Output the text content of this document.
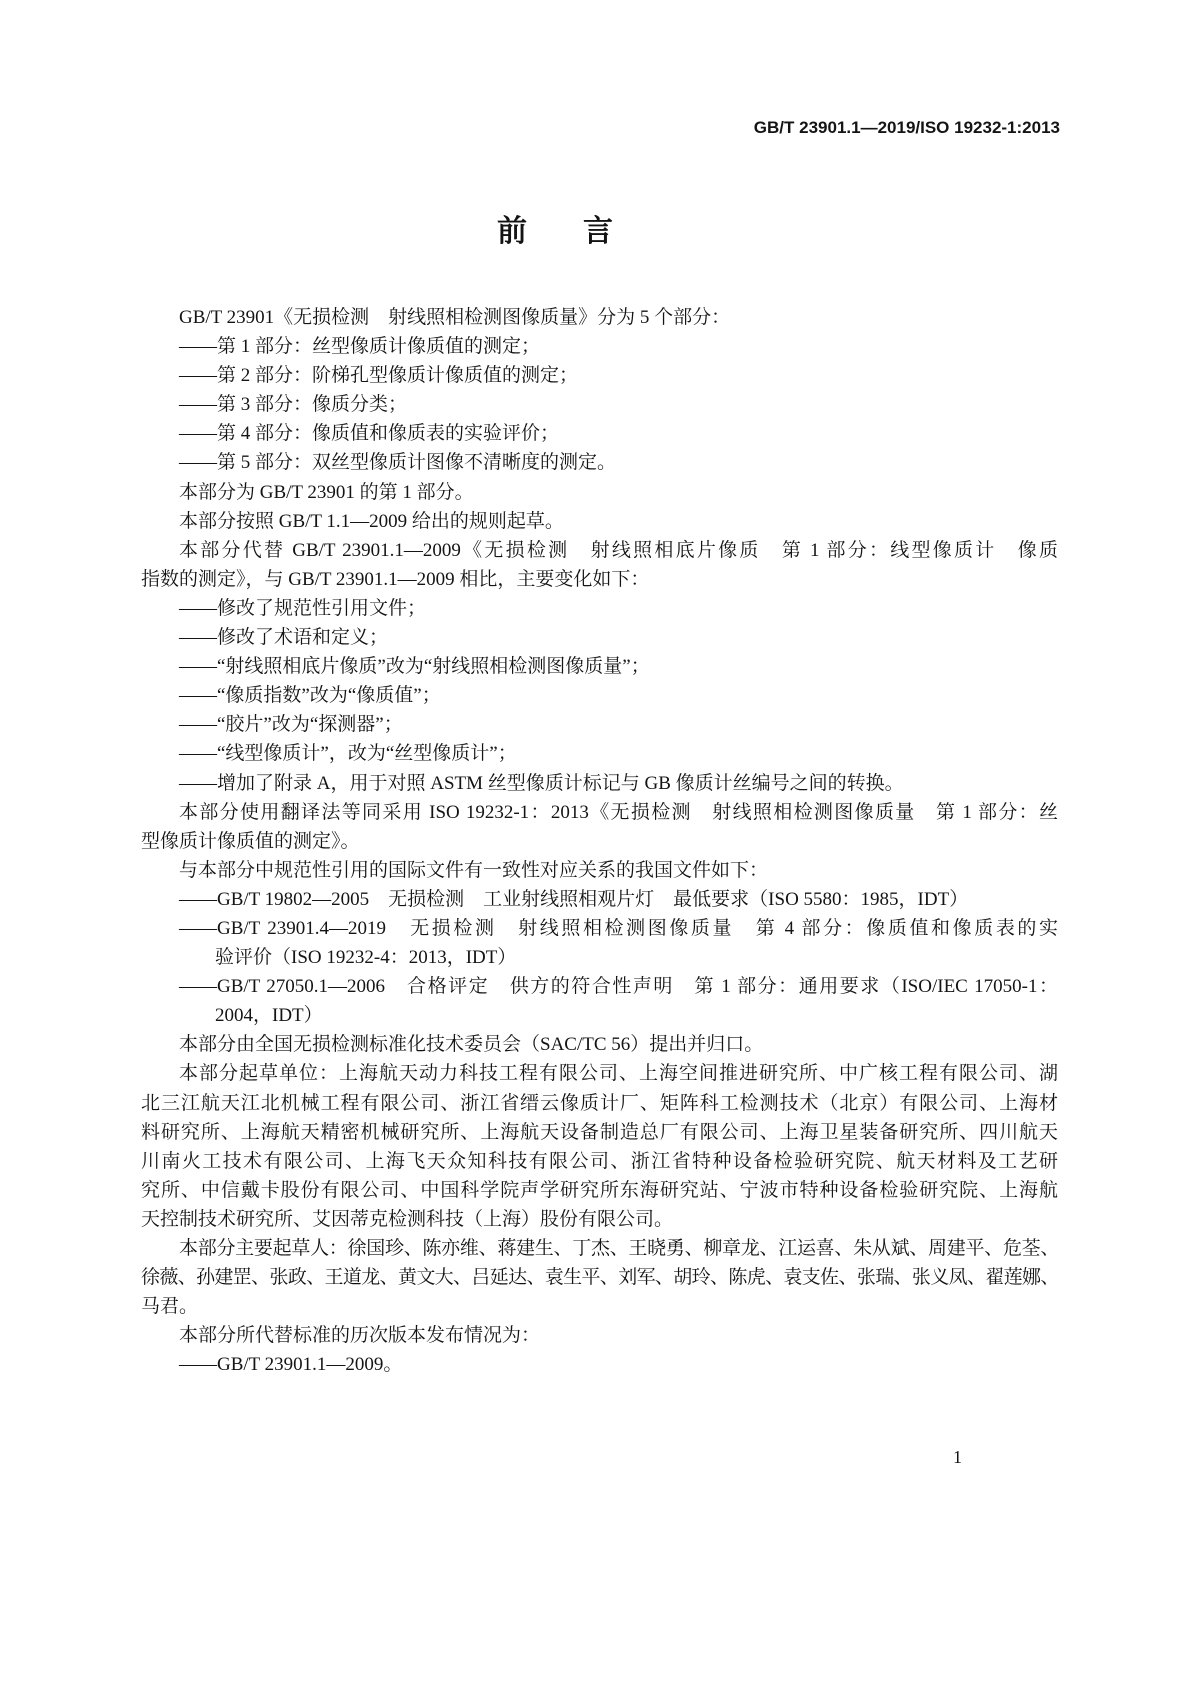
GB/T 23901.1—2019/ISO 19232-1:2013
前　言
GB/T 23901《无损检测　射线照相检测图像质量》分为 5 个部分：
——第 1 部分：丝型像质计像质值的测定；
——第 2 部分：阶梯孔型像质计像质值的测定；
——第 3 部分：像质分类；
——第 4 部分：像质值和像质表的实验评价；
——第 5 部分：双丝型像质计图像不清晰度的测定。
本部分为 GB/T 23901 的第 1 部分。
本部分按照 GB/T 1.1—2009 给出的规则起草。
本部分代替 GB/T 23901.1—2009《无损检测　射线照相底片像质　第 1 部分：线型像质计　像质
指数的测定》，与 GB/T 23901.1—2009 相比，主要变化如下：
——修改了规范性引用文件；
——修改了术语和定义；
——“射线照相底片像质”改为“射线照相检测图像质量”；
——“像质指数”改为“像质值”；
——“胶片”改为“探测器”；
——“线型像质计”，改为“丝型像质计”；
——增加了附录 A，用于对照 ASTM 丝型像质计标记与 GB 像质计丝编号之间的转换。
本部分使用翻译法等同采用 ISO 19232-1：2013《无损检测　射线照相检测图像质量　第 1 部分：丝
型像质计像质值的测定》。
与本部分中规范性引用的国际文件有一致性对应关系的我国文件如下：
——GB/T 19802—2005　无损检测　工业射线照相观片灯　最低要求（ISO 5580：1985，IDT）
——GB/T 23901.4—2019　无损检测　射线照相检测图像质量　第 4 部分：像质值和像质表的实
验评价（ISO 19232-4：2013，IDT）
——GB/T 27050.1—2006　合格评定　供方的符合性声明　第 1 部分：通用要求（ISO/IEC 17050-1：
2004，IDT）
本部分由全国无损检测标准化技术委员会（SAC/TC 56）提出并归口。
本部分起草单位：上海航天动力科技工程有限公司、上海空间推进研究所、中广核工程有限公司、湖
北三江航天江北机械工程有限公司、浙江省缙云像质计厂、矩阵科工检测技术（北京）有限公司、上海材
料研究所、上海航天精密机械研究所、上海航天设备制造总厂有限公司、上海卫星装备研究所、四川航天
川南火工技术有限公司、上海飞天众知科技有限公司、浙江省特种设备检验研究院、航天材料及工艺研
究所、中信戴卡股份有限公司、中国科学院声学研究所东海研究站、宁波市特种设备检验研究院、上海航
天控制技术研究所、艾因蒂克检测科技（上海）股份有限公司。
本部分主要起草人：徐国珍、陈亦维、蒋建生、丁杰、王晓勇、柳章龙、江运喜、朱从斌、周建平、危荃、
徐薇、孙建罡、张政、王道龙、黄文大、吕延达、袁生平、刘军、胡玲、陈虎、袁支佐、张瑞、张义凤、翟莲娜、
马君。
本部分所代替标准的历次版本发布情况为：
——GB/T 23901.1—2009。
1
